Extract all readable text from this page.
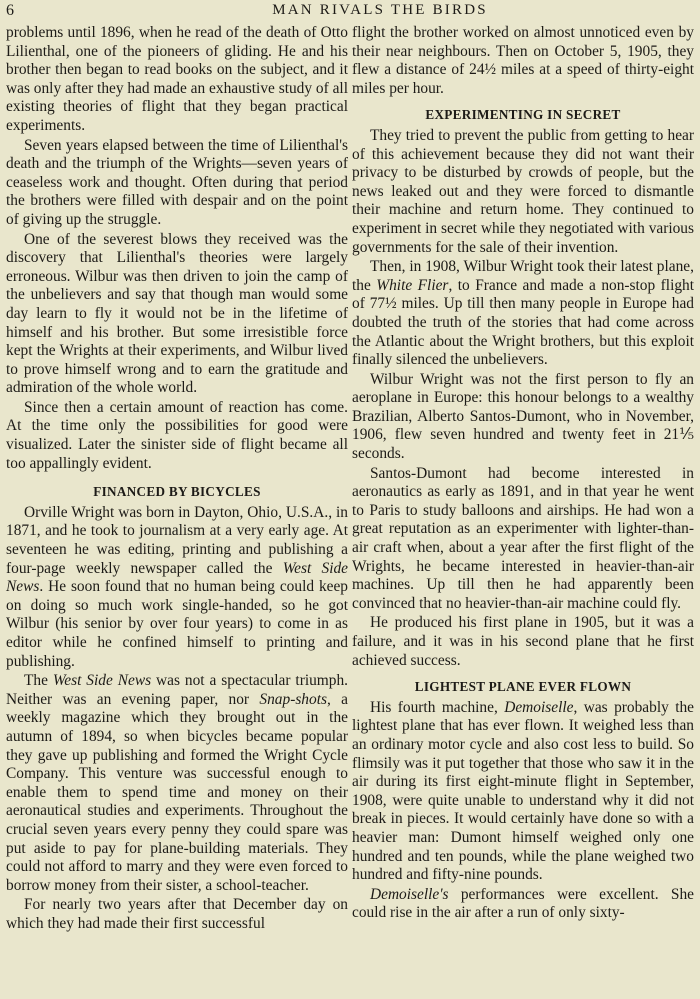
6	MAN RIVALS THE BIRDS

problems until 1896, when he read of the death of Otto Lilienthal, one of the pioneers of gliding. He and his brother then began to read books on the subject, and it was only after they had made an exhaustive study of all existing theories of flight that they began practical experiments.

Seven years elapsed between the time of Lilienthal's death and the triumph of the Wrights—seven years of ceaseless work and thought. Often during that period the brothers were filled with despair and on the point of giving up the struggle.

One of the severest blows they received was the discovery that Lilienthal's theories were largely erroneous. Wilbur was then driven to join the camp of the unbelievers and say that though man would some day learn to fly it would not be in the lifetime of himself and his brother. But some irresistible force kept the Wrights at their experiments, and Wilbur lived to prove himself wrong and to earn the gratitude and admiration of the whole world.

Since then a certain amount of reaction has come. At the time only the possibilities for good were visualized. Later the sinister side of flight became all too appallingly evident.

FINANCED BY BICYCLES

Orville Wright was born in Dayton, Ohio, U.S.A., in 1871, and he took to journalism at a very early age. At seventeen he was editing, printing and publishing a four-page weekly newspaper called the West Side News. He soon found that no human being could keep on doing so much work single-handed, so he got Wilbur (his senior by over four years) to come in as editor while he confined himself to printing and publishing.

The West Side News was not a spectacular triumph. Neither was an evening paper, nor Snap-shots, a weekly magazine which they brought out in the autumn of 1894, so when bicycles became popular they gave up publishing and formed the Wright Cycle Company. This venture was successful enough to enable them to spend time and money on their aeronautical studies and experiments. Throughout the crucial seven years every penny they could spare was put aside to pay for plane-building materials. They could not afford to marry and they were even forced to borrow money from their sister, a school-teacher.

For nearly two years after that December day on which they had made their first successful

flight the brother worked on almost unnoticed even by their near neighbours. Then on October 5, 1905, they flew a distance of 24½ miles at a speed of thirty-eight miles per hour.

EXPERIMENTING IN SECRET

They tried to prevent the public from getting to hear of this achievement because they did not want their privacy to be disturbed by crowds of people, but the news leaked out and they were forced to dismantle their machine and return home. They continued to experiment in secret while they negotiated with various governments for the sale of their invention.

Then, in 1908, Wilbur Wright took their latest plane, the White Flier, to France and made a non-stop flight of 77½ miles. Up till then many people in Europe had doubted the truth of the stories that had come across the Atlantic about the Wright brothers, but this exploit finally silenced the unbelievers.

Wilbur Wright was not the first person to fly an aeroplane in Europe: this honour belongs to a wealthy Brazilian, Alberto Santos-Dumont, who in November, 1906, flew seven hundred and twenty feet in 21⅕ seconds.

Santos-Dumont had become interested in aeronautics as early as 1891, and in that year he went to Paris to study balloons and airships. He had won a great reputation as an experimenter with lighter-than-air craft when, about a year after the first flight of the Wrights, he became interested in heavier-than-air machines. Up till then he had apparently been convinced that no heavier-than-air machine could fly.

He produced his first plane in 1905, but it was a failure, and it was in his second plane that he first achieved success.

LIGHTEST PLANE EVER FLOWN

His fourth machine, Demoiselle, was probably the lightest plane that has ever flown. It weighed less than an ordinary motor cycle and also cost less to build. So flimsily was it put together that those who saw it in the air during its first eight-minute flight in September, 1908, were quite unable to understand why it did not break in pieces. It would certainly have done so with a heavier man: Dumont himself weighed only one hundred and ten pounds, while the plane weighed two hundred and fifty-nine pounds.

Demoiselle's performances were excellent. She could rise in the air after a run of only sixty-
